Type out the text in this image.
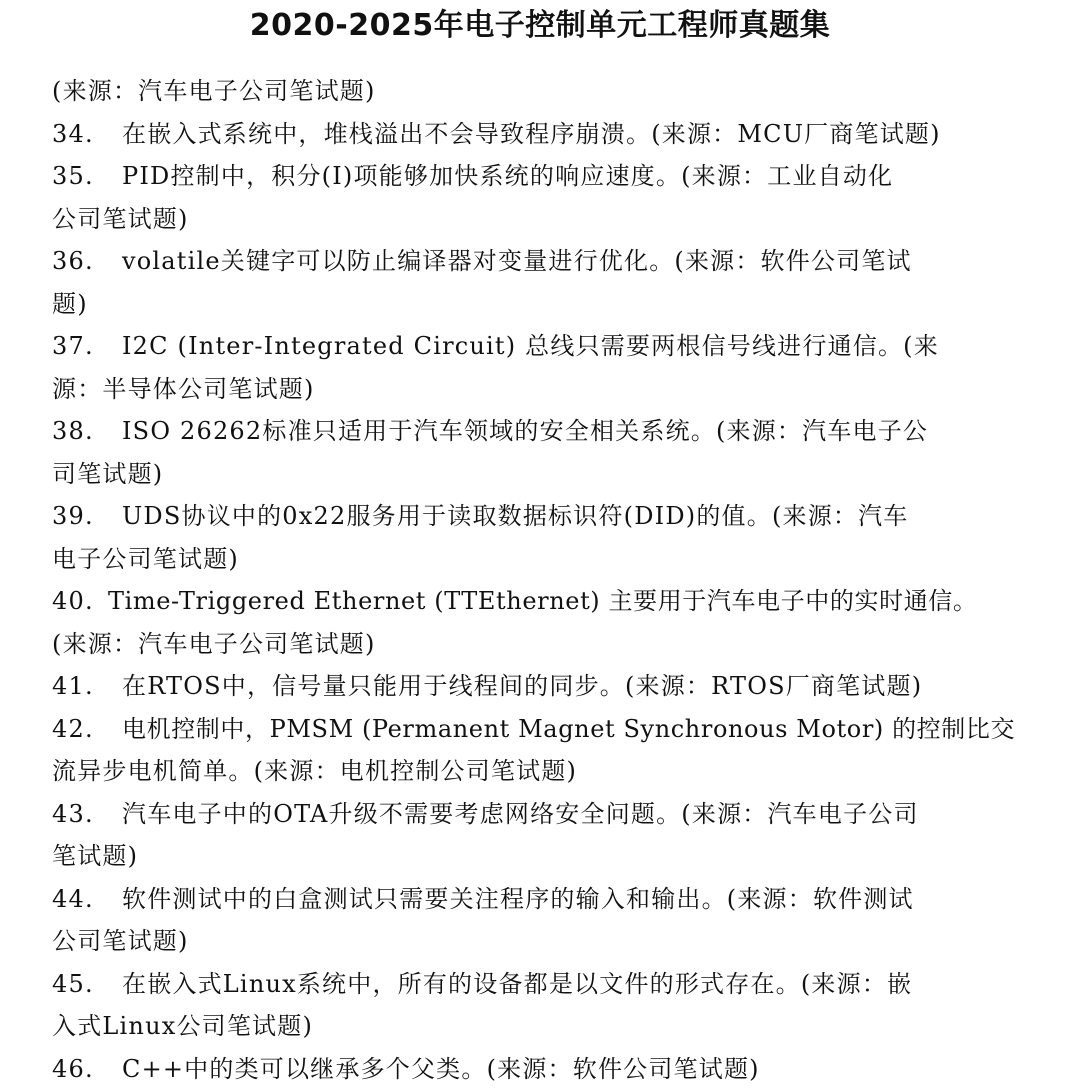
2020-2025年电子控制单元工程师真题集
(来源：汽车电子公司笔试题)
34. 在嵌入式系统中，堆栈溢出不会导致程序崩溃。(来源：MCU厂商笔试题)
35. PID控制中，积分(I)项能够加快系统的响应速度。(来源：工业自动化
公司笔试题)
36. volatile关键字可以防止编译器对变量进行优化。(来源：软件公司笔试
题)
37. I2C (Inter-Integrated Circuit) 总线只需要两根信号线进行通信。(来
源：半导体公司笔试题)
38. ISO 26262标准只适用于汽车领域的安全相关系统。(来源：汽车电子公
司笔试题)
39. UDS协议中的0x22服务用于读取数据标识符(DID)的值。(来源：汽车
电子公司笔试题)
40. Time-Triggered Ethernet (TTEthernet) 主要用于汽车电子中的实时通信。
(来源：汽车电子公司笔试题)
41. 在RTOS中，信号量只能用于线程间的同步。(来源：RTOS厂商笔试题)
42. 电机控制中，PMSM (Permanent Magnet Synchronous Motor) 的控制比交
流异步电机简单。(来源：电机控制公司笔试题)
43. 汽车电子中的OTA升级不需要考虑网络安全问题。(来源：汽车电子公司
笔试题)
44. 软件测试中的白盒测试只需要关注程序的输入和输出。(来源：软件测试
公司笔试题)
45. 在嵌入式Linux系统中，所有的设备都是以文件的形式存在。(来源：嵌
入式Linux公司笔试题)
46. C++中的类可以继承多个父类。(来源：软件公司笔试题)
